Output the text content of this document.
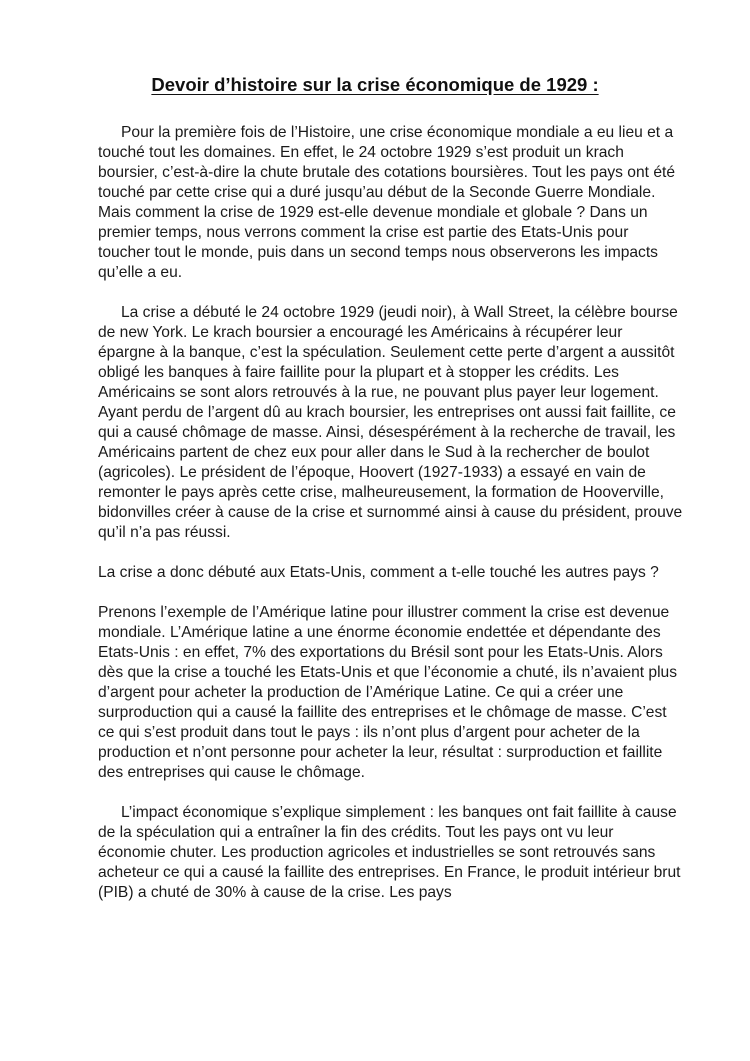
Devoir d’histoire sur la crise économique de 1929 :

Pour la première fois de l’Histoire, une crise économique mondiale a eu lieu et a touché tout les domaines. En effet, le 24 octobre 1929 s’est produit un krach boursier, c’est-à-dire la chute brutale des cotations boursières. Tout les pays ont été touché par cette crise qui a duré jusqu’au début de la Seconde Guerre Mondiale. Mais comment la crise de 1929 est-elle devenue mondiale et globale ? Dans un premier temps, nous verrons comment la crise est partie des Etats-Unis pour toucher tout le monde, puis dans un second temps nous observerons les impacts qu’elle a eu.

La crise a débuté le 24 octobre 1929 (jeudi noir), à Wall Street, la célèbre bourse de new York. Le krach boursier a encouragé les Américains à récupérer leur épargne à la banque, c’est la spéculation. Seulement cette perte d’argent a aussitôt obligé les banques à faire faillite pour la plupart et à stopper les crédits. Les Américains se sont alors retrouvés à la rue, ne pouvant plus payer leur logement. Ayant perdu de l’argent dû au krach boursier, les entreprises ont aussi fait faillite, ce qui a causé chômage de masse. Ainsi, désespérément à la recherche de travail, les Américains partent de chez eux pour aller dans le Sud à la rechercher de boulot (agricoles). Le président de l’époque, Hoovert (1927-1933) a essayé en vain de remonter le pays après cette crise, malheureusement, la formation de Hooverville, bidonvilles créer à cause de la crise et surnommé ainsi à cause du président, prouve qu’il n’a pas réussi.

La crise a donc débuté aux Etats-Unis, comment a t-elle touché les autres pays ?

Prenons l’exemple de l’Amérique latine pour illustrer comment la crise est devenue mondiale. L’Amérique latine a une énorme économie endettée et dépendante des Etats-Unis : en effet, 7% des exportations du Brésil sont pour les Etats-Unis. Alors dès que la crise a touché les Etats-Unis et que l’économie a chuté, ils n’avaient plus d’argent pour acheter la production de l’Amérique Latine. Ce qui a créer une surproduction qui a causé la faillite des entreprises et le chômage de masse. C’est ce qui s’est produit dans tout le pays : ils n’ont plus d’argent pour acheter de la production et n’ont personne pour acheter la leur, résultat : surproduction et faillite des entreprises qui cause le chômage.

L’impact économique s’explique simplement : les banques ont fait faillite à cause de la spéculation qui a entraîner la fin des crédits. Tout les pays ont vu leur économie chuter. Les production agricoles et industrielles se sont retrouvés sans acheteur ce qui a causé la faillite des entreprises. En France, le produit intérieur brut (PIB) a chuté de 30% à cause de la crise. Les pays
